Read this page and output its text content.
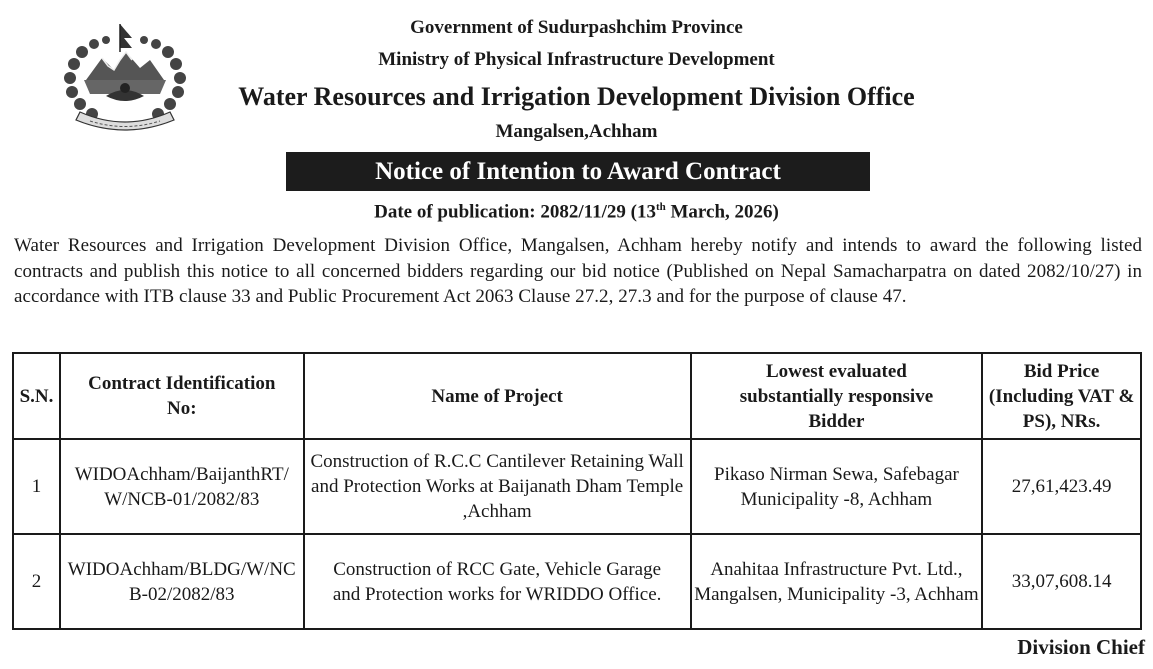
Government of Sudurpashchim Province
Ministry of Physical Infrastructure Development
Water Resources and Irrigation Development Division Office
Mangalsen,Achham
Notice of Intention to Award Contract
Date of publication: 2082/11/29 (13th March, 2026)
Water Resources and Irrigation Development Division Office, Mangalsen, Achham hereby notify and intends to award the following listed contracts and publish this notice to all concerned bidders regarding our bid notice (Published on Nepal Samacharpatra on dated 2082/10/27) in accordance with ITB clause 33 and Public Procurement Act 2063 Clause 27.2, 27.3 and for the purpose of clause 47.
S.N.	Contract Identification No:	Name of Project	Lowest evaluated substantially responsive Bidder	Bid Price (Including VAT & PS), NRs.
1	WIDOAchham/BaijanthRT/W/NCB-01/2082/83	Construction of R.C.C Cantilever Retaining Wall and Protection Works at Baijanath Dham Temple ,Achham	Pikaso Nirman Sewa, Safebagar Municipality -8, Achham	27,61,423.49
2	WIDOAchham/BLDG/W/NCB-02/2082/83	Construction of RCC Gate, Vehicle Garage and Protection works for WRIDDO Office.	Anahitaa Infrastructure Pvt. Ltd., Mangalsen, Municipality -3, Achham	33,07,608.14
Division Chief
